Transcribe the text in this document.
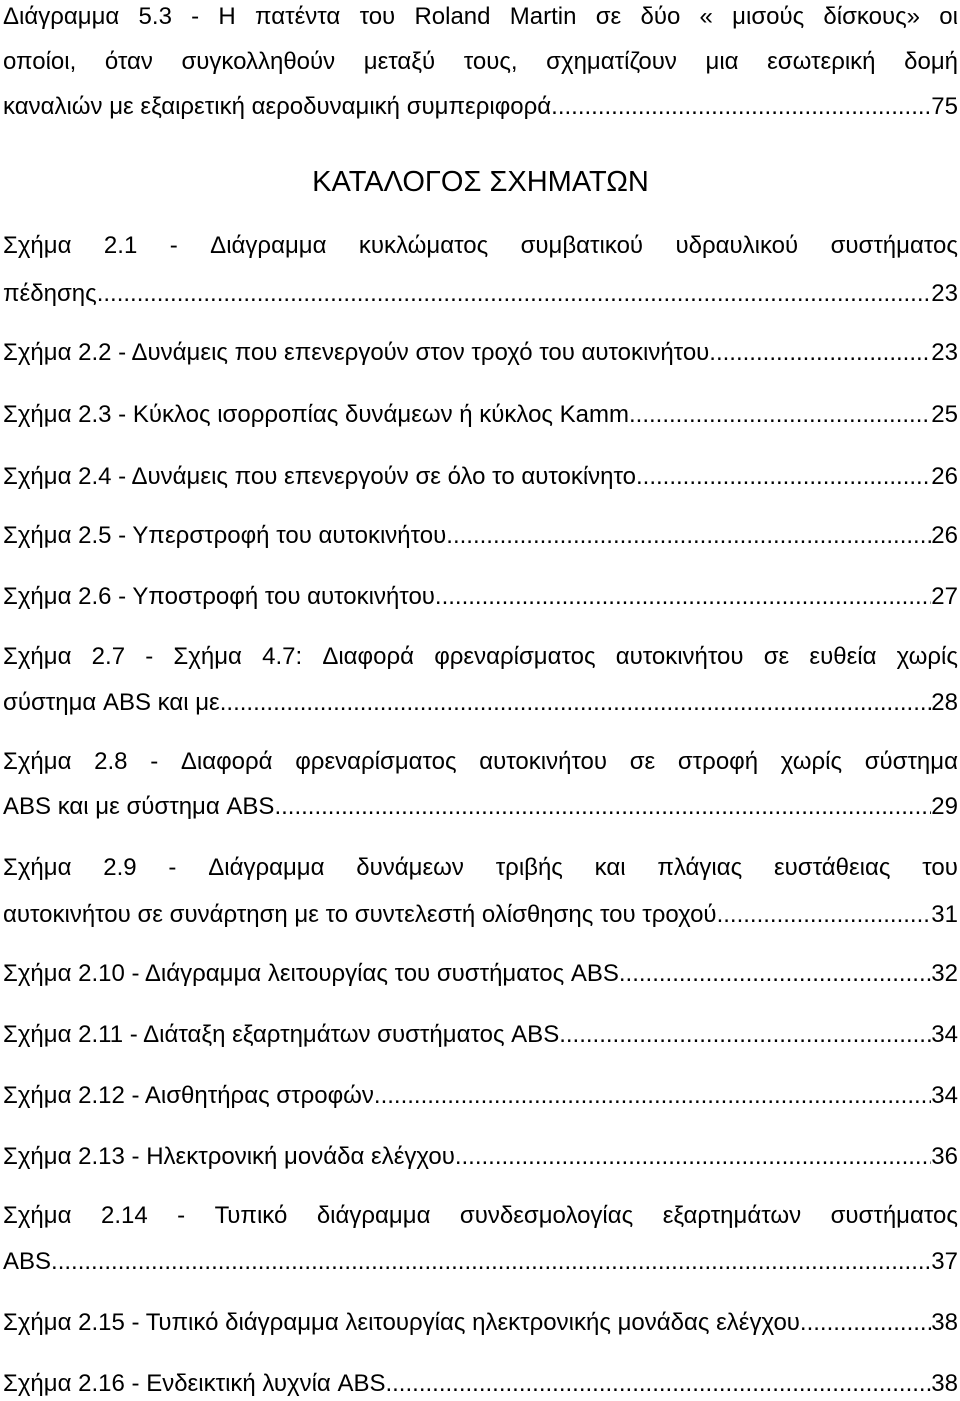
Διάγραμμα 5.3 - Η πατέντα του Roland Martin σε δύο « μισούς δίσκους» οι
οποίοι, όταν συγκολληθούν μεταξύ τους, σχηματίζουν μια εσωτερική δομή
καναλιών με εξαιρετική αεροδυναμική συμπεριφορά. .....	75
ΚΑΤΑΛΟΓΟΣ ΣΧΗΜΑΤΩΝ
Σχήμα 2.1 - Διάγραμμα κυκλώματος συμβατικού υδραυλικού συστήματος
πέδησης. .....	23
Σχήμα 2.2 - Δυνάμεις που επενεργούν στον τροχό του αυτοκινήτου. .....	23
Σχήμα 2.3 - Κύκλος ισορροπίας δυνάμεων ή κύκλος Kamm. .....	25
Σχήμα 2.4 - Δυνάμεις που επενεργούν σε όλο το αυτοκίνητο. .....	26
Σχήμα 2.5 - Υπερστροφή του αυτοκινήτου. .....	26
Σχήμα 2.6 - Υποστροφή του αυτοκινήτου .....	27
Σχήμα 2.7 - Σχήμα 4.7: Διαφορά φρεναρίσματος αυτοκινήτου σε ευθεία χωρίς
σύστημα ABS και με .....	28
Σχήμα 2.8 - Διαφορά φρεναρίσματος αυτοκινήτου σε στροφή χωρίς σύστημα
ABS και με σύστημα ABS .....	29
Σχήμα 2.9 - Διάγραμμα δυνάμεων τριβής και πλάγιας ευστάθειας του
αυτοκινήτου σε συνάρτηση με το συντελεστή ολίσθησης του τροχού .....	31
Σχήμα 2.10 - Διάγραμμα λειτουργίας του συστήματος ABS. .....	32
Σχήμα 2.11 - Διάταξη εξαρτημάτων συστήματος ABS .....	34
Σχήμα 2.12 - Αισθητήρας στροφών. .....	34
Σχήμα 2.13 - Ηλεκτρονική μονάδα ελέγχου. .....	36
Σχήμα 2.14 - Τυπικό διάγραμμα συνδεσμολογίας εξαρτημάτων συστήματος
ABS. .....	37
Σχήμα 2.15 - Τυπικό διάγραμμα λειτουργίας ηλεκτρονικής μονάδας ελέγχου. .....	38
Σχήμα 2.16 - Ενδεικτική λυχνία ABS. .....	38
